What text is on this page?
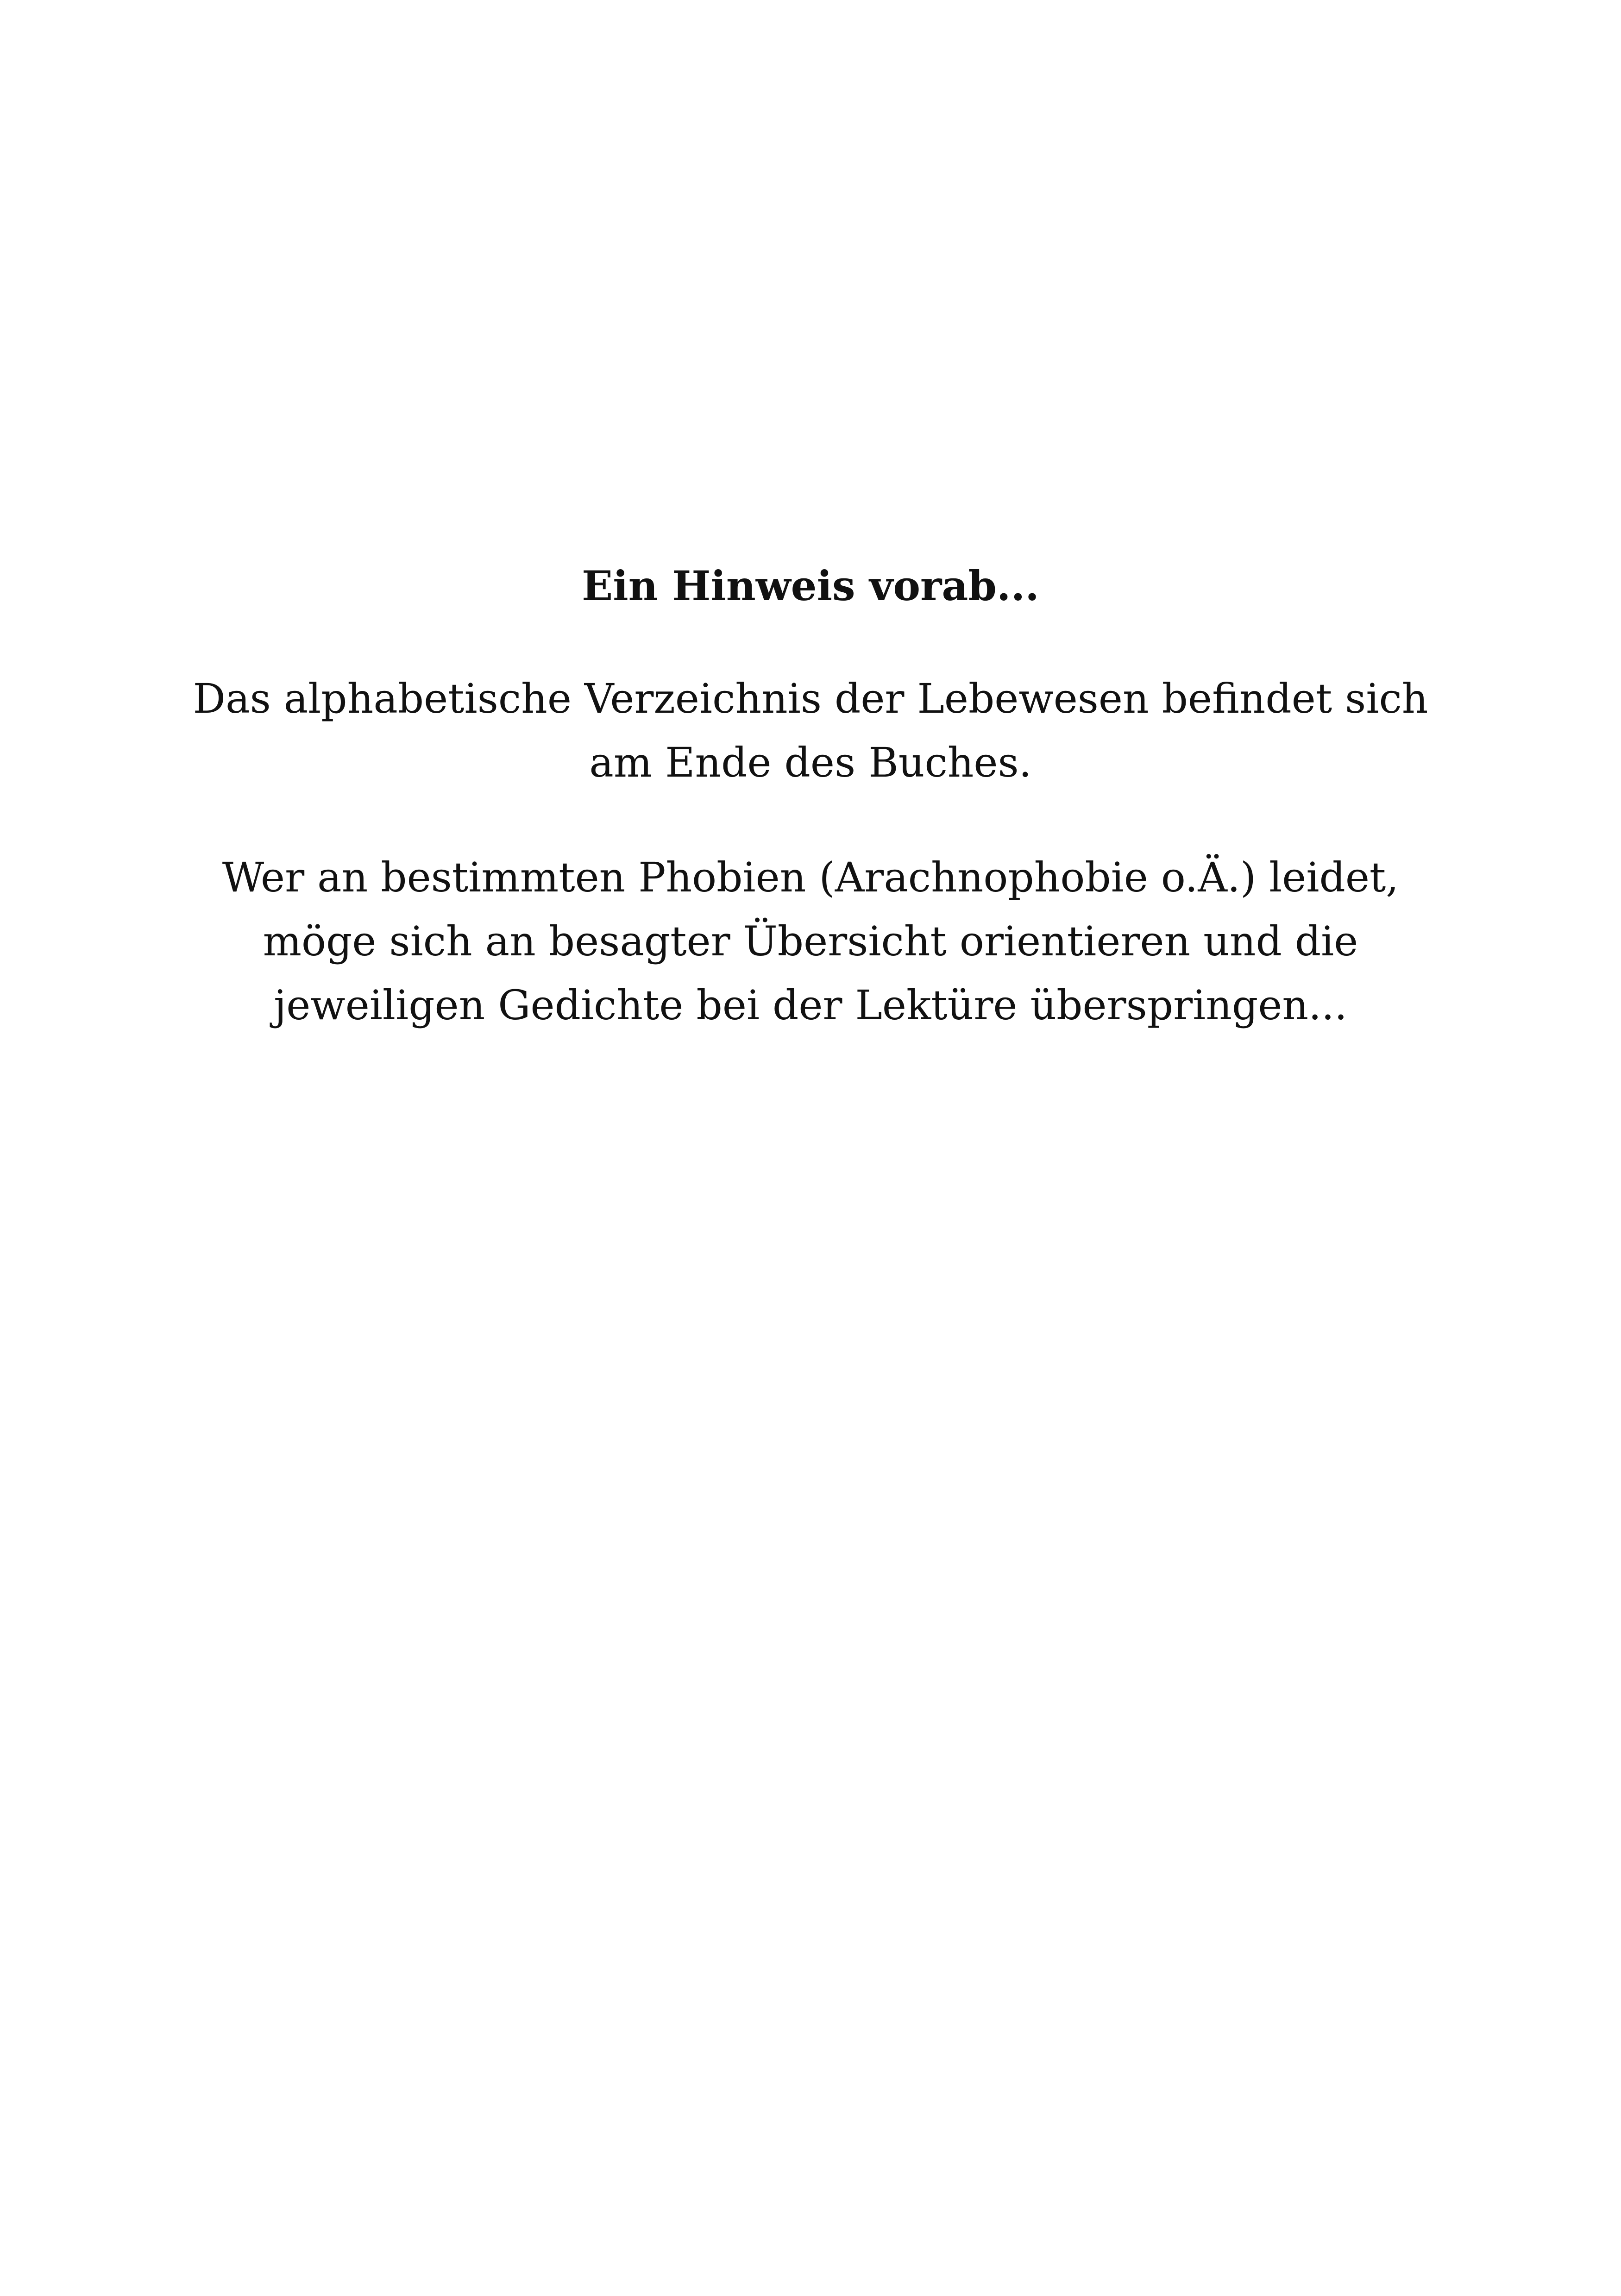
Ein Hinweis vorab...

Das alphabetische Verzeichnis der Lebewesen befindet sich
am Ende des Buches.

Wer an bestimmten Phobien (Arachnophobie o.Ä.) leidet,
möge sich an besagter Übersicht orientieren und die
jeweiligen Gedichte bei der Lektüre überspringen...
